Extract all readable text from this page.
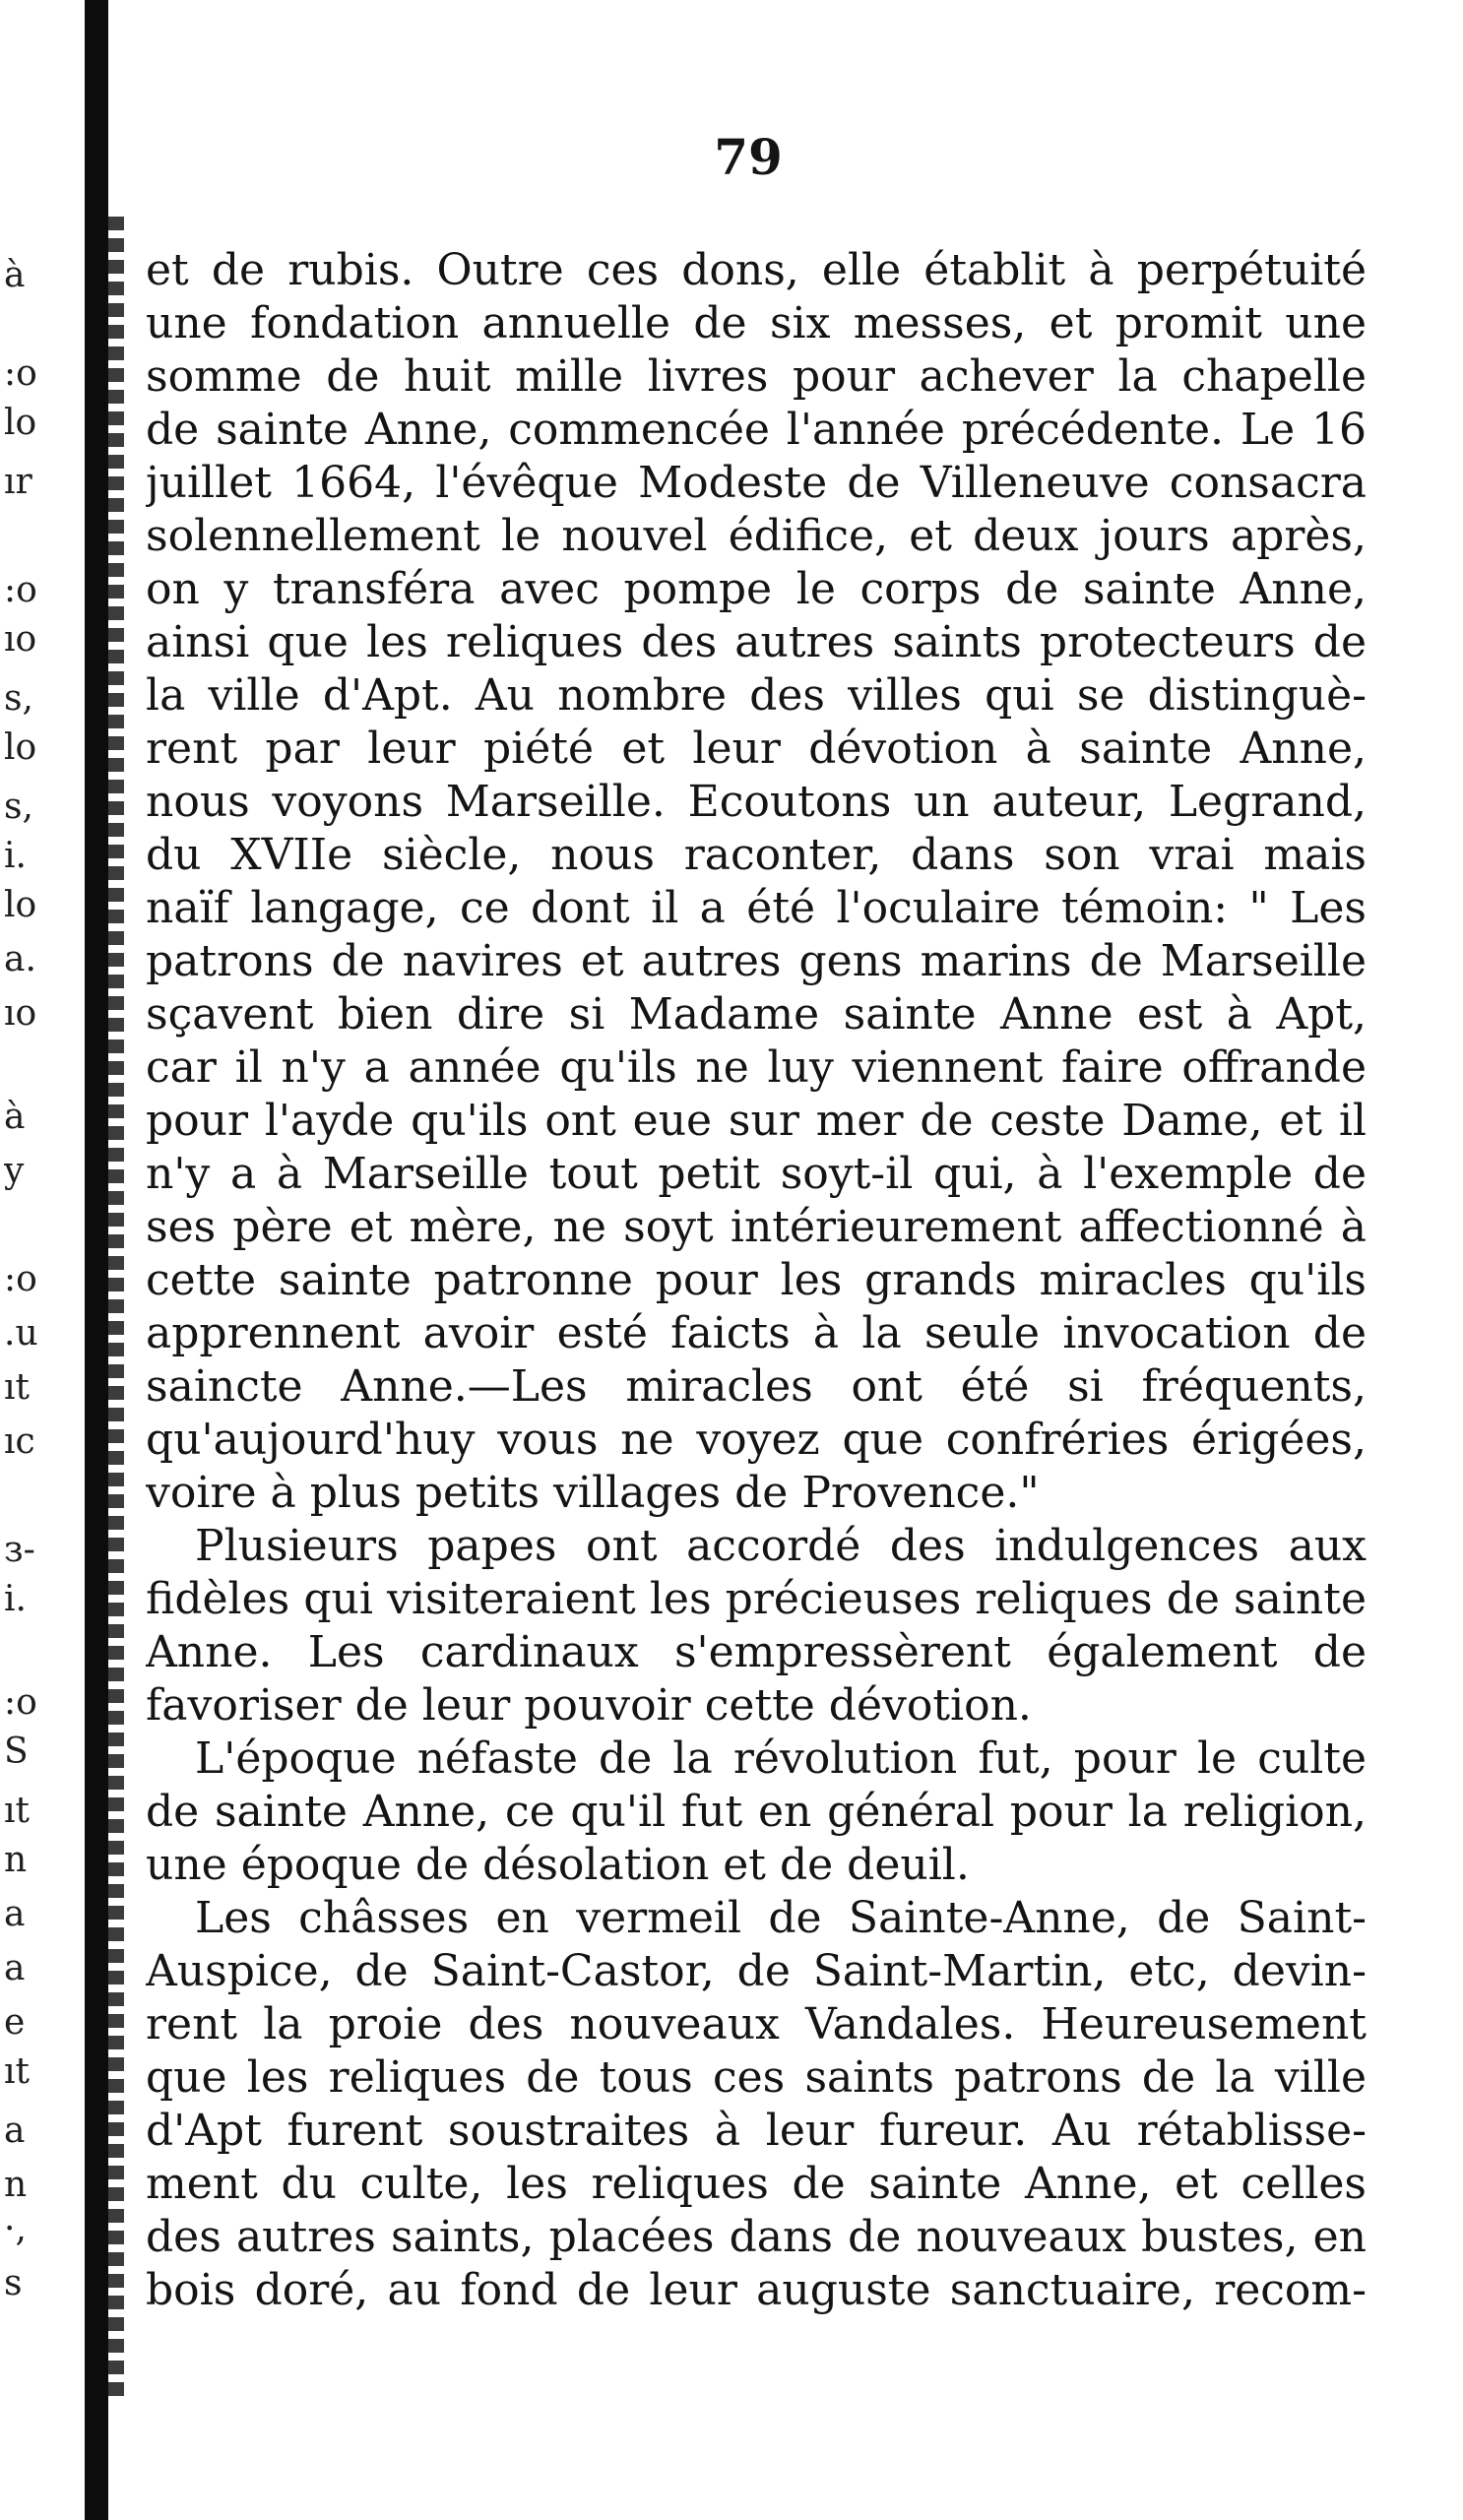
à
:o
lo
ır
:o
ıo
s,
lo
s,
i.
lo
a.
ıo
à
y
:o
.u
ıt
ıc
з-
i.
:o
S
ıt
n
a
a
e
ıt
a
n
·,
s
79
et de rubis. Outre ces dons, elle établit à perpétuité
une fondation annuelle de six messes, et promit une
somme de huit mille livres pour achever la chapelle
de sainte Anne, commencée l'année précédente. Le 16
juillet 1664, l'évêque Modeste de Villeneuve consacra
solennellement le nouvel édifice, et deux jours après,
on y transféra avec pompe le corps de sainte Anne,
ainsi que les reliques des autres saints protecteurs de
la ville d'Apt. Au nombre des villes qui se distinguè-
rent par leur piété et leur dévotion à sainte Anne,
nous voyons Marseille. Ecoutons un auteur, Legrand,
du XVIIe siècle, nous raconter, dans son vrai mais
naïf langage, ce dont il a été l'oculaire témoin: " Les
patrons de navires et autres gens marins de Marseille
sçavent bien dire si Madame sainte Anne est à Apt,
car il n'y a année qu'ils ne luy viennent faire offrande
pour l'ayde qu'ils ont eue sur mer de ceste Dame, et il
n'y a à Marseille tout petit soyt-il qui, à l'exemple de
ses père et mère, ne soyt intérieurement affectionné à
cette sainte patronne pour les grands miracles qu'ils
apprennent avoir esté faicts à la seule invocation de
saincte Anne.—Les miracles ont été si fréquents,
qu'aujourd'huy vous ne voyez que confréries érigées,
voire à plus petits villages de Provence."
Plusieurs papes ont accordé des indulgences aux
fidèles qui visiteraient les précieuses reliques de sainte
Anne. Les cardinaux s'empressèrent également de
favoriser de leur pouvoir cette dévotion.
L'époque néfaste de la révolution fut, pour le culte
de sainte Anne, ce qu'il fut en général pour la religion,
une époque de désolation et de deuil.
Les châsses en vermeil de Sainte-Anne, de Saint-
Auspice, de Saint-Castor, de Saint-Martin, etc, devin-
rent la proie des nouveaux Vandales. Heureusement
que les reliques de tous ces saints patrons de la ville
d'Apt furent soustraites à leur fureur. Au rétablisse-
ment du culte, les reliques de sainte Anne, et celles
des autres saints, placées dans de nouveaux bustes, en
bois doré, au fond de leur auguste sanctuaire, recom-
